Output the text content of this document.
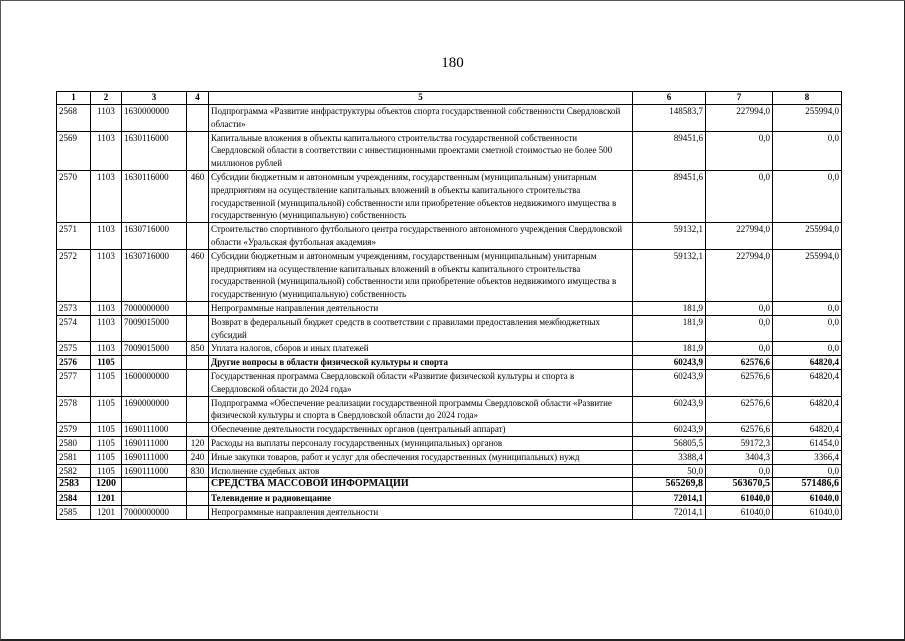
180
1	2	3	4	5	6	7	8
2568	1103	1630000000		Подпрограмма «Развитие инфраструктуры объектов спорта государственной собственности Свердловской области»	148583,7	227994,0	255994,0
2569	1103	1630116000		Капитальные вложения в объекты капитального строительства государственной собственности Свердловской области в соответствии с инвестиционными проектами сметной стоимостью не более 500 миллионов рублей	89451,6	0,0	0,0
2570	1103	1630116000	460	Субсидии бюджетным и автономным учреждениям, государственным (муниципальным) унитарным предприятиям на осуществление капитальных вложений в объекты капитального строительства государственной (муниципальной) собственности или приобретение объектов недвижимого имущества в государственную (муниципальную) собственность	89451,6	0,0	0,0
2571	1103	1630716000		Строительство спортивного футбольного центра государственного автономного учреждения Свердловской области «Уральская футбольная академия»	59132,1	227994,0	255994,0
2572	1103	1630716000	460	Субсидии бюджетным и автономным учреждениям, государственным (муниципальным) унитарным предприятиям на осуществление капитальных вложений в объекты капитального строительства государственной (муниципальной) собственности или приобретение объектов недвижимого имущества в государственную (муниципальную) собственность	59132,1	227994,0	255994,0
2573	1103	7000000000		Непрограммные направления деятельности	181,9	0,0	0,0
2574	1103	7009015000		Возврат в федеральный бюджет средств в соответствии с правилами предоставления межбюджетных субсидий	181,9	0,0	0,0
2575	1103	7009015000	850	Уплата налогов, сборов и иных платежей	181,9	0,0	0,0
2576	1105			Другие вопросы в области физической культуры и спорта	60243,9	62576,6	64820,4
2577	1105	1600000000		Государственная программа Свердловской области «Развитие физической культуры и спорта в Свердловской области до 2024 года»	60243,9	62576,6	64820,4
2578	1105	1690000000		Подпрограмма «Обеспечение реализации государственной программы Свердловской области «Развитие физической культуры и спорта в Свердловской области до 2024 года»	60243,9	62576,6	64820,4
2579	1105	1690111000		Обеспечение деятельности государственных органов (центральный аппарат)	60243,9	62576,6	64820,4
2580	1105	1690111000	120	Расходы на выплаты персоналу государственных (муниципальных) органов	56805,5	59172,3	61454,0
2581	1105	1690111000	240	Иные закупки товаров, работ и услуг для обеспечения государственных (муниципальных) нужд	3388,4	3404,3	3366,4
2582	1105	1690111000	830	Исполнение судебных актов	50,0	0,0	0,0
2583	1200			СРЕДСТВА МАССОВОЙ ИНФОРМАЦИИ	565269,8	563670,5	571486,6
2584	1201			Телевидение и радиовещание	72014,1	61040,0	61040,0
2585	1201	7000000000		Непрограммные направления деятельности	72014,1	61040,0	61040,0
